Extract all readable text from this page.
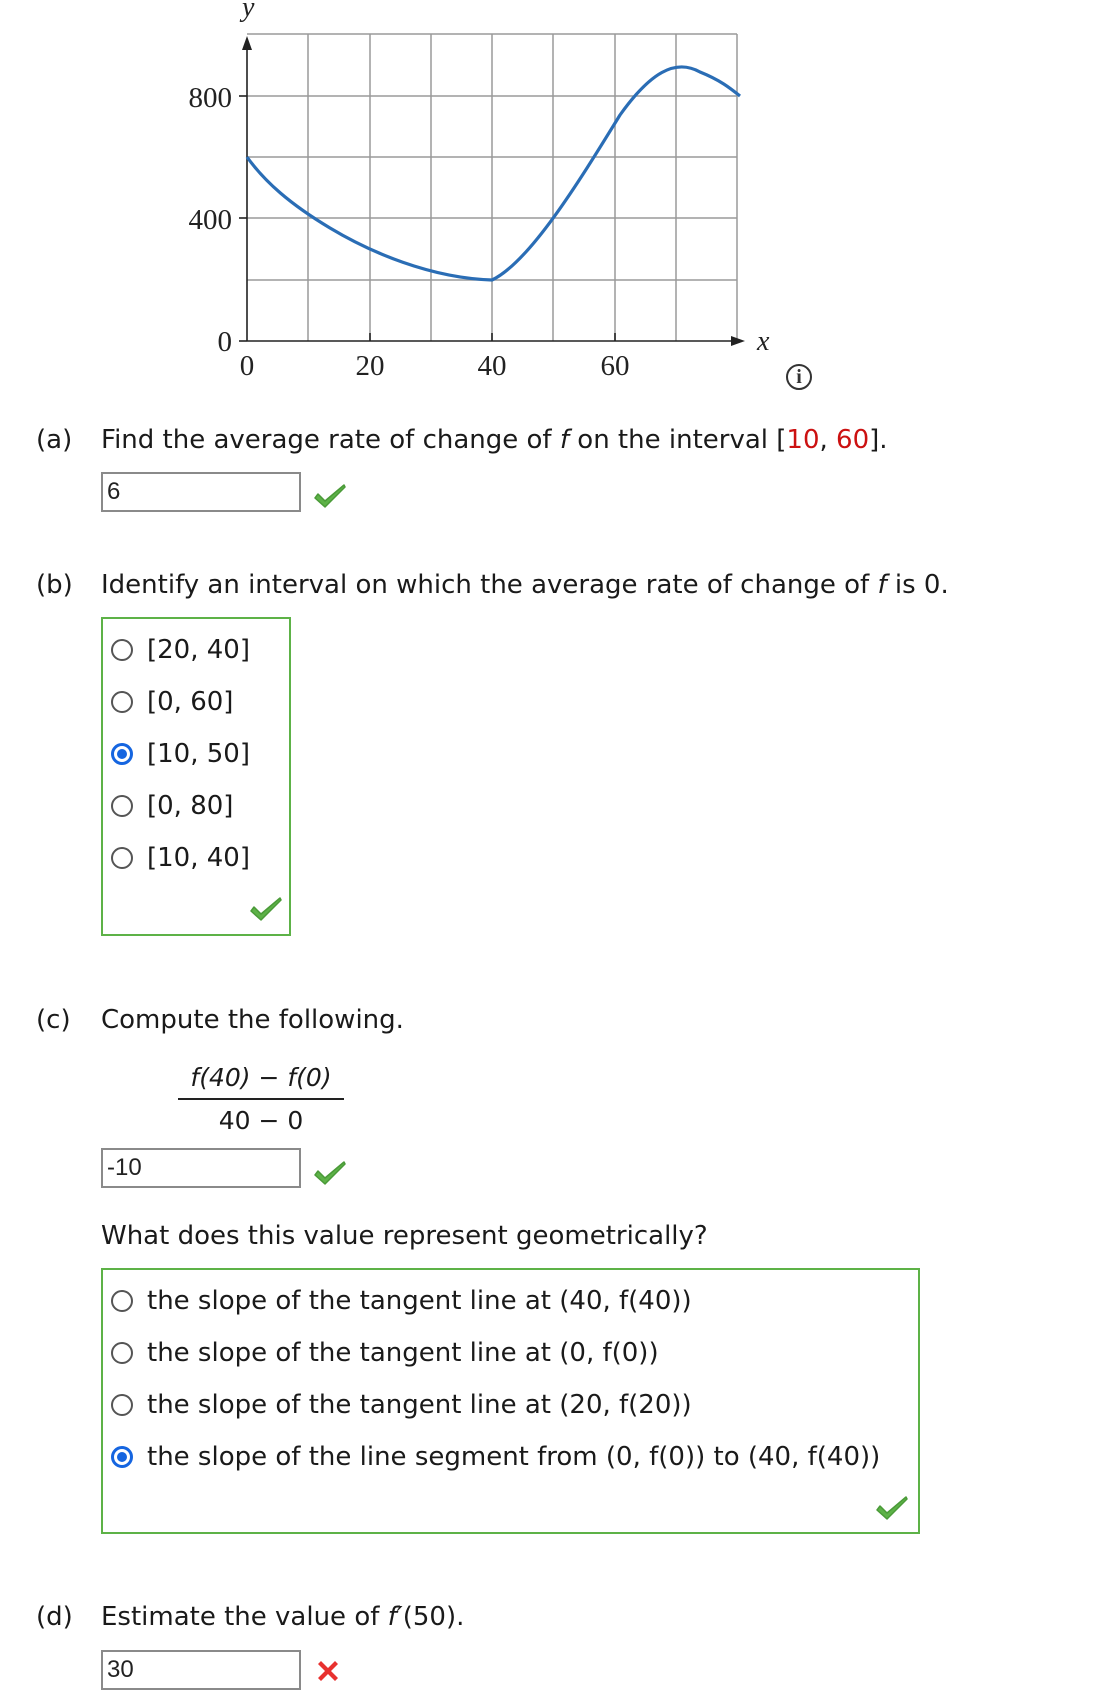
y
x
800
400
0
0	20	40	60	i
(a) Find the average rate of change of f on the interval [10, 60].
6
(b) Identify an interval on which the average rate of change of f is 0.
[20, 40]
[0, 60]
[10, 50]
[0, 80]
[10, 40]
(c) Compute the following.
f(40) − f(0)
40 − 0
-10
What does this value represent geometrically?
the slope of the tangent line at (40, f(40))
the slope of the tangent line at (0, f(0))
the slope of the tangent line at (20, f(20))
the slope of the line segment from (0, f(0)) to (40, f(40))
(d) Estimate the value of f′(50).
30
